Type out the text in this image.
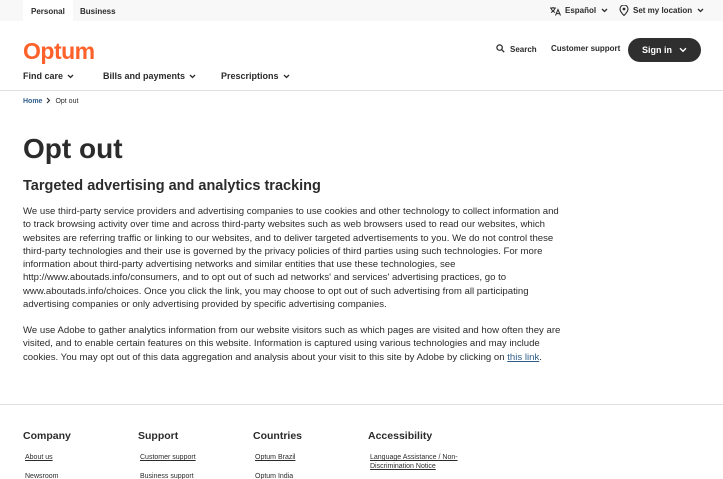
Personal	Business	Español	Set my location
Optum	Search Customer support Sign in
Find care	Bills and payments	Prescriptions
Home Opt out
Opt out
Targeted advertising and analytics tracking

We use third-party service providers and advertising companies to use cookies and other technology to collect information and to track browsing activity over time and across third-party websites such as web browsers used to read our websites, which websites are referring traffic or linking to our websites, and to deliver targeted advertisements to you. We do not control these third-party technologies and their use is governed by the privacy policies of third parties using such technologies. For more information about third-party advertising networks and similar entities that use these technologies, see http://www.aboutads.info/consumers, and to opt out of such ad networks' and services' advertising practices, go to www.aboutads.info/choices. Once you click the link, you may choose to opt out of such advertising from all participating advertising companies or only advertising provided by specific advertising companies.

We use Adobe to gather analytics information from our website visitors such as which pages are visited and how often they are visited, and to enable certain features on this website. Information is captured using various technologies and may include cookies. You may opt out of this data aggregation and analysis about your visit to this site by Adobe by clicking on this link.

Company
About us
Newsroom
Support
Customer support
Business support
Countries
Optum Brazil
Optum India
Accessibility
Language Assistance / Non-Discrimination Notice
